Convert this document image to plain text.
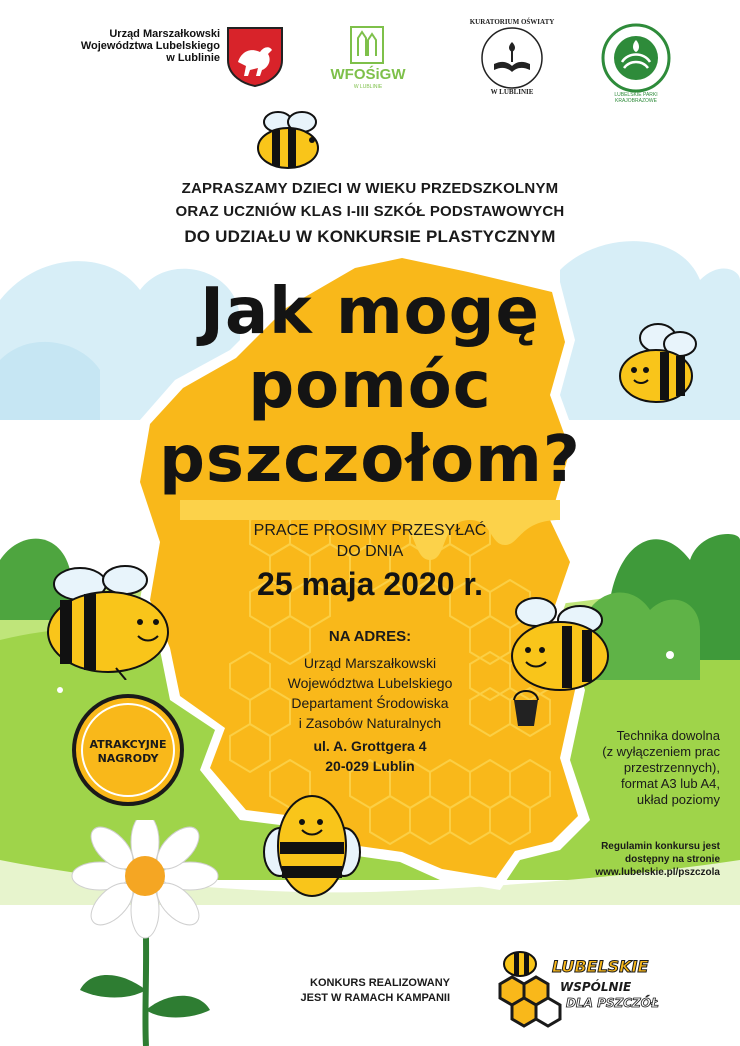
Urząd Marszałkowski
Województwa Lubelskiego
w Lublinie
WFOŚiGW
W LUBLINIE
KURATORIUM OŚWIATY
W LUBLINIE	LUBELSKIE PARKI KRAJOBRAZOWE
ATRAKCYJNE
NAGRODY
ZAPRASZAMY DZIECI W WIEKU PRZEDSZKOLNYM
ORAZ UCZNIÓW KLAS I-III SZKÓŁ PODSTAWOWYCH
DO UDZIAŁU W KONKURSIE PLASTYCZNYM
Jak mogę
pomóc
pszczołom?
PRACE PROSIMY PRZESYŁAĆ
DO DNIA
25 maja 2020 r.
NA ADRES:
Urząd Marszałkowski
Województwa Lubelskiego
Departament Środowiska
i Zasobów Naturalnych
ul. A. Grottgera 4
20-029 Lublin
Technika dowolna
(z wyłączeniem prac
przestrzennych),
format A3 lub A4,
układ poziomy
Regulamin konkursu jest
dostępny na stronie
www.lubelskie.pl/pszczola
KONKURS REALIZOWANY
JEST W RAMACH KAMPANII
LUBELSKIE
WSPÓLNIE
DLA PSZCZÓŁ
